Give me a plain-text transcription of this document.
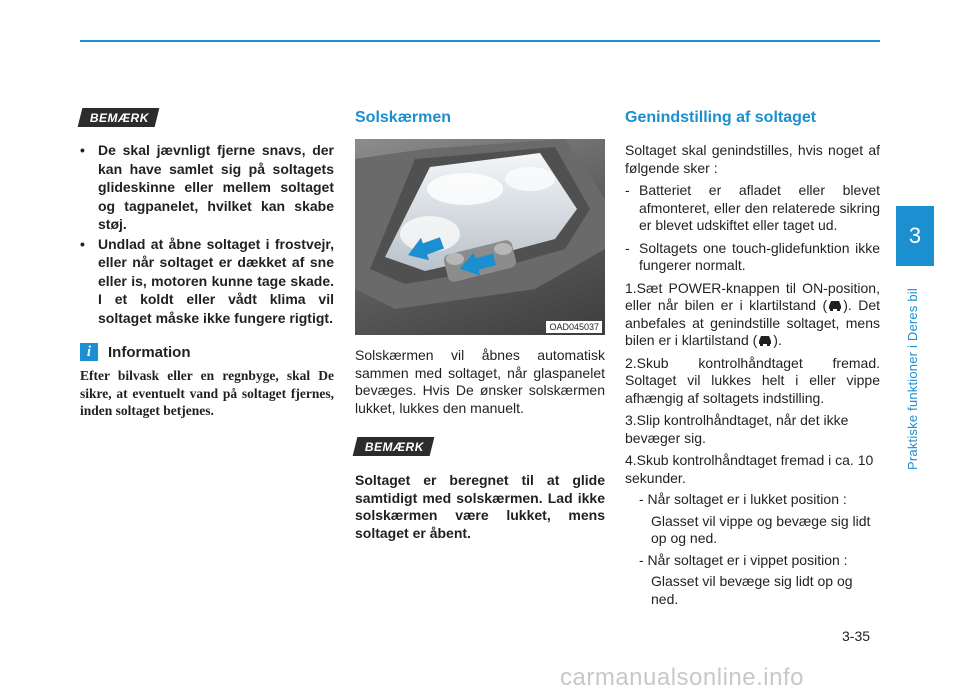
BEMÆRK
• De skal jævnligt fjerne snavs, der kan have samlet sig på soltagets glideskinne eller mellem soltaget og tagpanelet, hvilket kan skabe støj.
• Undlad at åbne soltaget i frostvejr, eller når soltaget er dækket af sne eller is, motoren kunne tage skade. I et koldt eller vådt klima vil soltaget måske ikke fungere rigtigt.
i	Information
Efter bilvask eller en regnbyge, skal De sikre, at eventuelt vand på soltaget fjernes, inden soltaget betjenes.
Solskærmen
OAD045037

Solskærmen vil åbnes automatisk sammen med soltaget, når glaspanelet bevæges. Hvis De ønsker solskærmen lukket, lukkes den manuelt.

BEMÆRK

Soltaget er beregnet til at glide samtidigt med solskærmen. Lad ikke solskærmen være lukket, mens soltaget er åbent.

Genindstilling af soltaget

Soltaget skal genindstilles, hvis noget af følgende sker :

- Batteriet er afladet eller blevet afmonteret, eller den relaterede sikring er blevet udskiftet eller taget ud.
- Soltagets one touch-glidefunktion ikke fungerer normalt.
1.Sæt POWER-knappen til ON-position, eller når bilen er i klartilstand ( ). Det anbefales at genindstille soltaget, mens bilen er i klartilstand ( ).
2.Skub kontrolhåndtaget fremad. Soltaget vil lukkes helt i eller vippe afhængig af soltagets indstilling.
3.Slip kontrolhåndtaget, når det ikke bevæger sig.
4.Skub kontrolhåndtaget fremad i ca. 10 sekunder.
- Når soltaget er i lukket position :
Glasset vil vippe og bevæge sig lidt op og ned.
- Når soltaget er i vippet position :
Glasset vil bevæge sig lidt op og ned.
3
Praktiske funktioner i Deres bil
3-35
carmanualsonline.info
